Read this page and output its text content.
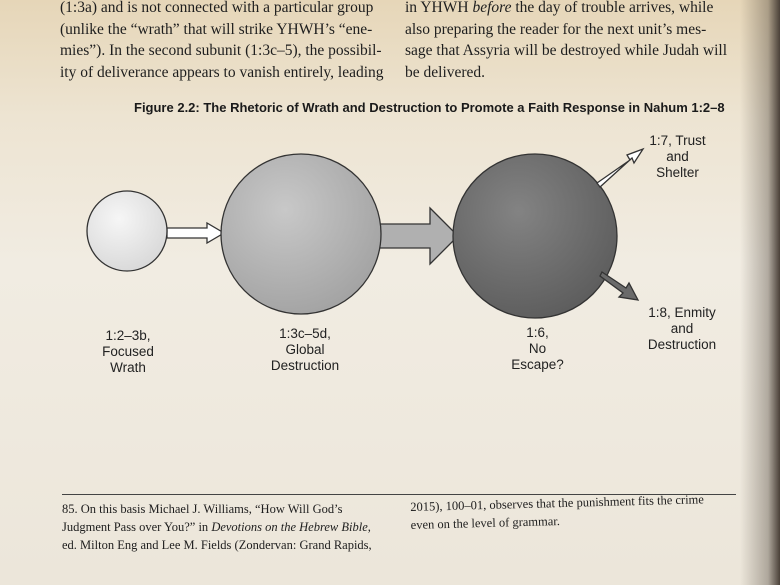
(1:3a) and is not connected with a particular group
(unlike the “wrath” that will strike YHWH’s “ene-
mies”). In the second subunit (1:3c–5), the possibil-
ity of deliverance appears to vanish entirely, leading
in YHWH before the day of trouble arrives, while
also preparing the reader for the next unit’s mes-
sage that Assyria will be destroyed while Judah will
be delivered.
Figure 2.2: The Rhetoric of Wrath and Destruction to Promote a Faith Response in Nahum 1:2–8
1:2–3b,
Focused
Wrath
1:3c–5d,
Global
Destruction
1:6,
No
Escape?
1:7, Trust
and
Shelter
1:8, Enmity
and
Destruction
85. On this basis Michael J. Williams, “How Will God’s
Judgment Pass over You?” in Devotions on the Hebrew Bible,
ed. Milton Eng and Lee M. Fields (Zondervan: Grand Rapids,
2015), 100–01, observes that the punishment fits the crime
even on the level of grammar.
